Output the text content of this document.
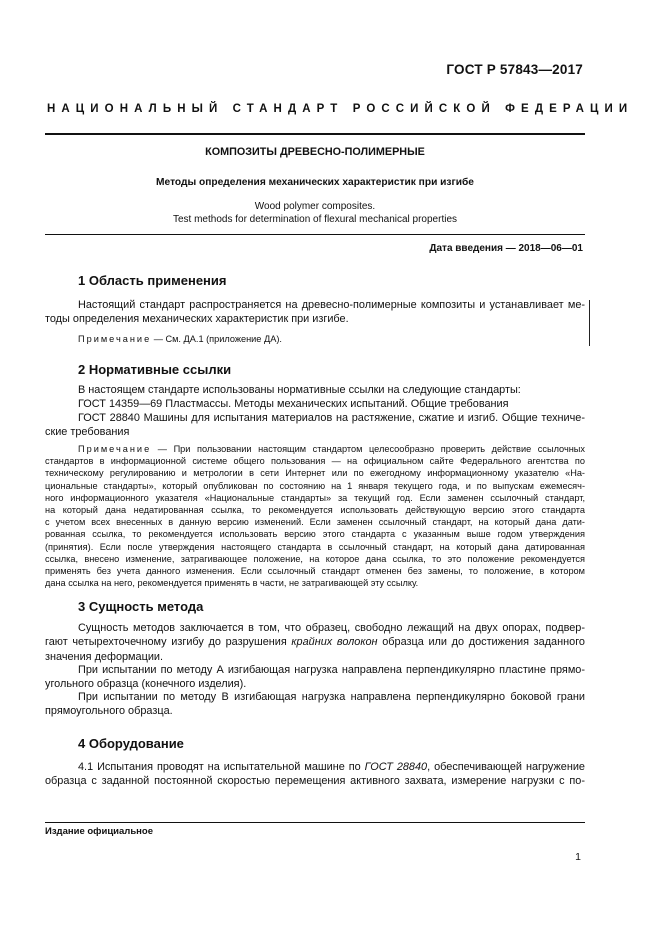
ГОСТ Р 57843—2017
НАЦИОНАЛЬНЫЙ СТАНДАРТ РОССИЙСКОЙ ФЕДЕРАЦИИ
КОМПОЗИТЫ ДРЕВЕСНО-ПОЛИМЕРНЫЕ
Методы определения механических характеристик при изгибе
Wood polymer composites.
Test methods for determination of flexural mechanical properties
Дата введения — 2018—06—01
1 Область применения
Настоящий стандарт распространяется на древесно-полимерные композиты и устанавливает ме-
тоды определения механических характеристик при изгибе.
Примечание — См. ДА.1 (приложение ДА).
2 Нормативные ссылки
В настоящем стандарте использованы нормативные ссылки на следующие стандарты:
ГОСТ 14359—69 Пластмассы. Методы механических испытаний. Общие требования
ГОСТ 28840 Машины для испытания материалов на растяжение, сжатие и изгиб. Общие техниче-
ские требования
Примечание — При пользовании настоящим стандартом целесообразно проверить действие ссылочных
стандартов в информационной системе общего пользования — на официальном сайте Федерального агентства по
техническому регулированию и метрологии в сети Интернет или по ежегодному информационному указателю «На-
циональные стандарты», который опубликован по состоянию на 1 января текущего года, и по выпускам ежемесяч-
ного информационного указателя «Национальные стандарты» за текущий год. Если заменен ссылочный стандарт,
на который дана недатированная ссылка, то рекомендуется использовать действующую версию этого стандарта
с учетом всех внесенных в данную версию изменений. Если заменен ссылочный стандарт, на который дана дати-
рованная ссылка, то рекомендуется использовать версию этого стандарта с указанным выше годом утверждения
(принятия). Если после утверждения настоящего стандарта в ссылочный стандарт, на который дана датированная
ссылка, внесено изменение, затрагивающее положение, на которое дана ссылка, то это положение рекомендуется
применять без учета данного изменения. Если ссылочный стандарт отменен без замены, то положение, в котором
дана ссылка на него, рекомендуется применять в части, не затрагивающей эту ссылку.
3 Сущность метода
Сущность методов заключается в том, что образец, свободно лежащий на двух опорах, подвер-
гают четырехточечному изгибу до разрушения крайних волокон образца или до достижения заданного
значения деформации.
При испытании по методу А изгибающая нагрузка направлена перпендикулярно пластине прямо-
угольного образца (конечного изделия).
При испытании по методу В изгибающая нагрузка направлена перпендикулярно боковой грани
прямоугольного образца.
4 Оборудование
4.1 Испытания проводят на испытательной машине по ГОСТ 28840, обеспечивающей нагружение
образца с заданной постоянной скоростью перемещения активного захвата, измерение нагрузки с по-
Издание официальное
1
